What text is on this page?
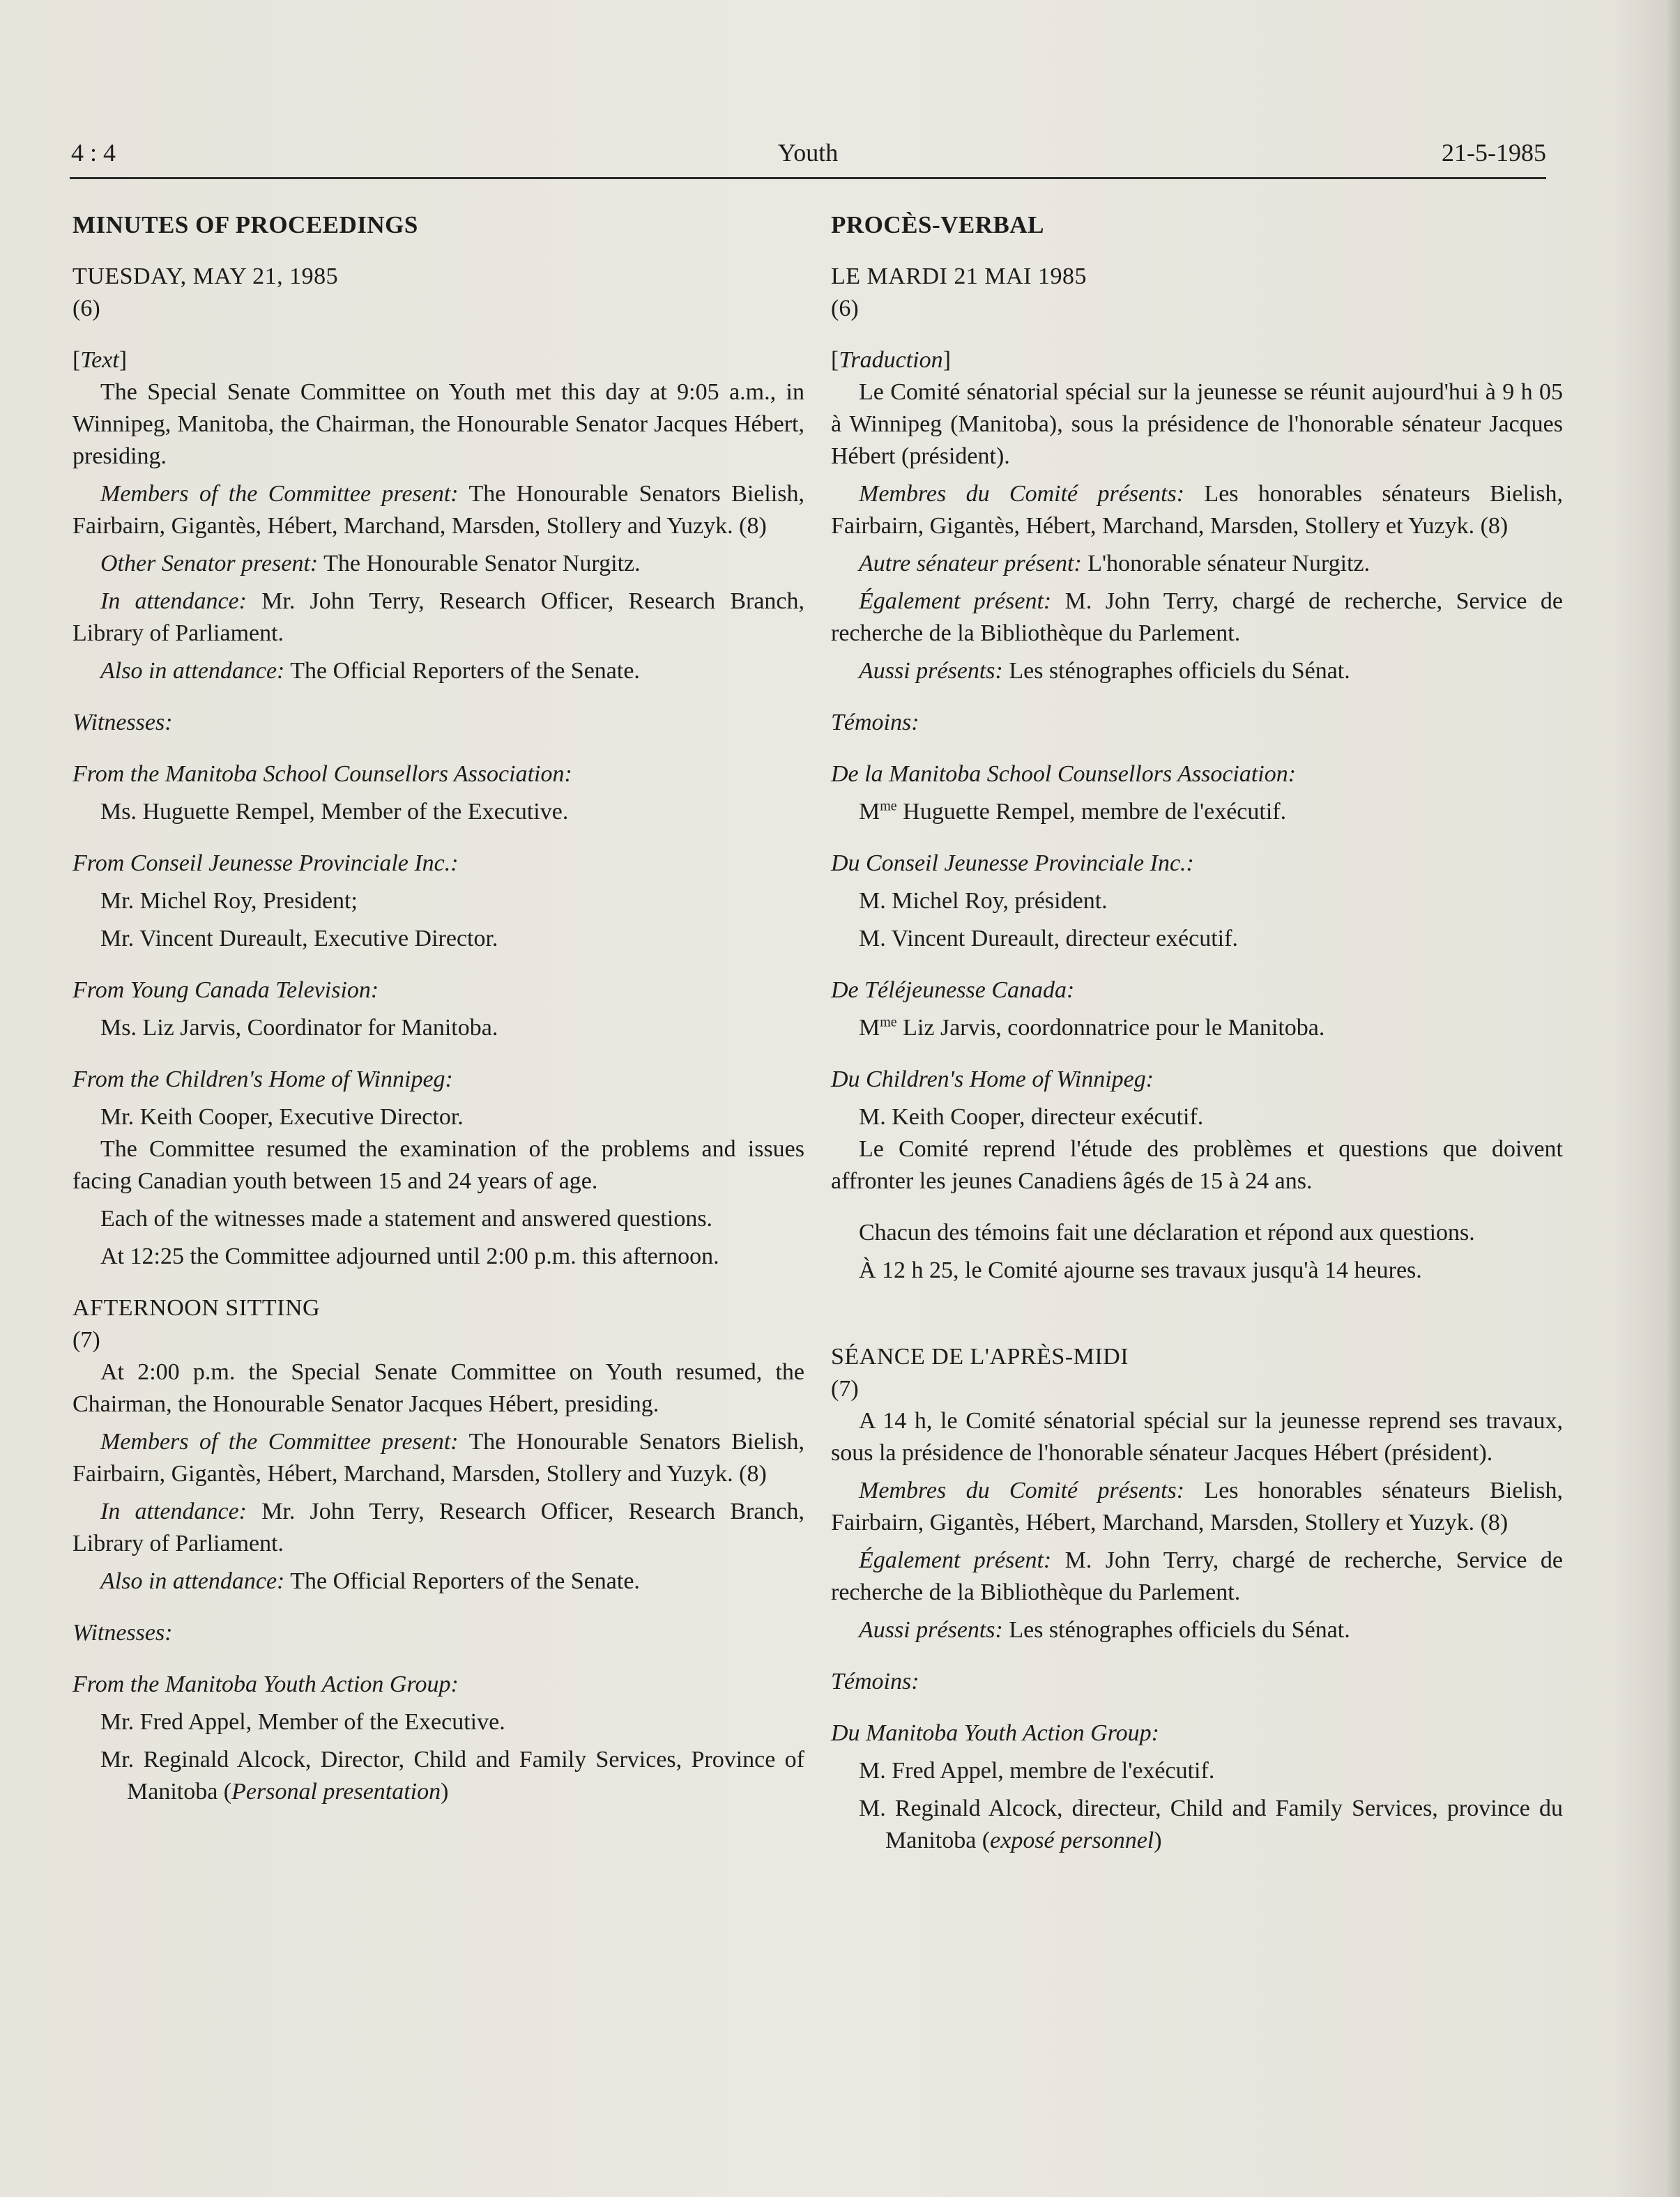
4 : 4	Youth	21-5-1985

MINUTES OF PROCEEDINGS

TUESDAY, MAY 21, 1985

(6)

[Text]

The Special Senate Committee on Youth met this day at 9:05 a.m., in Winnipeg, Manitoba, the Chairman, the Honourable Senator Jacques Hébert, presiding.

Members of the Committee present: The Honourable Senators Bielish, Fairbairn, Gigantès, Hébert, Marchand, Marsden, Stollery and Yuzyk. (8)

Other Senator present: The Honourable Senator Nurgitz.

In attendance: Mr. John Terry, Research Officer, Research Branch, Library of Parliament.

Also in attendance: The Official Reporters of the Senate.

Witnesses:

From the Manitoba School Counsellors Association:

Ms. Huguette Rempel, Member of the Executive.

From Conseil Jeunesse Provinciale Inc.:

Mr. Michel Roy, President;

Mr. Vincent Dureault, Executive Director.

From Young Canada Television:

Ms. Liz Jarvis, Coordinator for Manitoba.

From the Children's Home of Winnipeg:

Mr. Keith Cooper, Executive Director.

The Committee resumed the examination of the problems and issues facing Canadian youth between 15 and 24 years of age.

Each of the witnesses made a statement and answered questions.

At 12:25 the Committee adjourned until 2:00 p.m. this afternoon.

AFTERNOON SITTING

(7)

At 2:00 p.m. the Special Senate Committee on Youth resumed, the Chairman, the Honourable Senator Jacques Hébert, presiding.

Members of the Committee present: The Honourable Senators Bielish, Fairbairn, Gigantès, Hébert, Marchand, Marsden, Stollery and Yuzyk. (8)

In attendance: Mr. John Terry, Research Officer, Research Branch, Library of Parliament.

Also in attendance: The Official Reporters of the Senate.

Witnesses:

From the Manitoba Youth Action Group:

Mr. Fred Appel, Member of the Executive.

Mr. Reginald Alcock, Director, Child and Family Services, Province of Manitoba (Personal presentation)

PROCÈS-VERBAL

LE MARDI 21 MAI 1985

(6)

[Traduction]

Le Comité sénatorial spécial sur la jeunesse se réunit aujourd'hui à 9 h 05 à Winnipeg (Manitoba), sous la présidence de l'honorable sénateur Jacques Hébert (président).

Membres du Comité présents: Les honorables sénateurs Bielish, Fairbairn, Gigantès, Hébert, Marchand, Marsden, Stollery et Yuzyk. (8)

Autre sénateur présent: L'honorable sénateur Nurgitz.

Également présent: M. John Terry, chargé de recherche, Service de recherche de la Bibliothèque du Parlement.

Aussi présents: Les sténographes officiels du Sénat.

Témoins:

De la Manitoba School Counsellors Association:

$M^{me}$ Huguette Rempel, membre de l'exécutif.

Du Conseil Jeunesse Provinciale Inc.:

M. Michel Roy, président.

M. Vincent Dureault, directeur exécutif.

De Téléjeunesse Canada:

$M^{me}$ Liz Jarvis, coordonnatrice pour le Manitoba.

Du Children's Home of Winnipeg:

M. Keith Cooper, directeur exécutif.

Le Comité reprend l'étude des problèmes et questions que doivent affronter les jeunes Canadiens âgés de 15 à 24 ans.

Chacun des témoins fait une déclaration et répond aux questions.

À 12 h 25, le Comité ajourne ses travaux jusqu'à 14 heures.

SÉANCE DE L'APRÈS-MIDI

(7)

A 14 h, le Comité sénatorial spécial sur la jeunesse reprend ses travaux, sous la présidence de l'honorable sénateur Jacques Hébert (président).

Membres du Comité présents: Les honorables sénateurs Bielish, Fairbairn, Gigantès, Hébert, Marchand, Marsden, Stollery et Yuzyk. (8)

Également présent: M. John Terry, chargé de recherche, Service de recherche de la Bibliothèque du Parlement.

Aussi présents: Les sténographes officiels du Sénat.

Témoins:

Du Manitoba Youth Action Group:

M. Fred Appel, membre de l'exécutif.

M. Reginald Alcock, directeur, Child and Family Services, province du Manitoba (exposé personnel)
